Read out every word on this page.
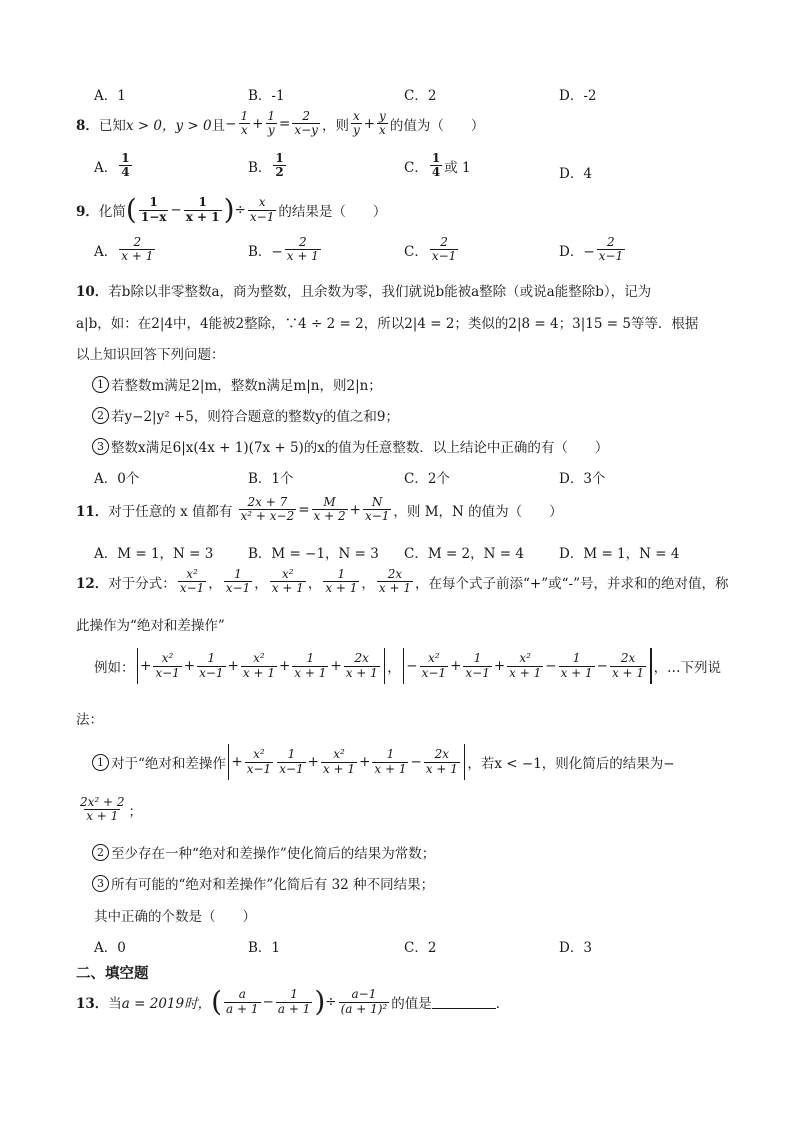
A．1	B．-1	C．2	D．-2
8． 已知 x > 0，y > 0 且 − $\frac{1}{x} + \frac{1}{y} = \frac{2}{x-y}$ ，则 $\frac{x}{y} + \frac{y}{x}$ 的值为（　　）
A． $\frac{1}{4}$	B． $\frac{1}{2}$	C． $\frac{1}{4}$ 或 1	D．4
9． 化简 ( $\frac{1}{1-x} - \frac{1}{x + 1}$ ) ÷ $\frac{x}{x-1}$ 的结果是（　　）
A． $\frac{2}{x + 1}$	B．− $\frac{2}{x + 1}$	C． $\frac{2}{x-1}$	D．− $\frac{2}{x-1}$
10．若b除以非零整数a，商为整数，且余数为零，我们就说b能被a整除（或说a能整除b），记为
a|b，如：在2|4中，4能被2整除，∵4 ÷ 2 = 2，所以2|4 = 2；类似的2|8 = 4；3|15 = 5等等．根据
以上知识回答下列问题：
1 若整数m满足2|m，整数n满足m|n，则2|n；
2 若y−2|y² +5，则符合题意的整数y的值之和9；
3 整数x满足6|x(4x + 1)(7x + 5)的x的值为任意整数．以上结论中正确的有（　　）
A．0个	B．1个	C．2个	D．3个
11． 对于任意的 x 值都有 $\frac{2x + 7}{\text{x² + x−2}} = \frac{M}{x + 2} + \frac{N}{x-1}$ ，则 M，N 的值为（　　）
A．M = 1，N = 3	B．M = −1，N = 3 C．M = 2，N = 4	D．M = 1，N = 4
12． 对于分式： $\frac{\text{x²}}{x-1}$ ， $\frac{1}{x-1}$ ， $\frac{\text{x²}}{x + 1}$ ， $\frac{1}{x + 1}$ ， $\frac{2x}{x + 1}$ ，在每个式子前添“+”或“-”号，并求和的绝对值，称
此操作为“绝对和差操作”
例如： + $\frac{\text{x²}}{x-1} + \frac{1}{x-1} + \frac{\text{x²}}{x + 1} + \frac{1}{x + 1} + \frac{2x}{x + 1}$ ， − $\frac{\text{x²}}{x-1} + \frac{1}{x-1} + \frac{\text{x²}}{x + 1} - \frac{1}{x + 1} - \frac{2x}{x + 1}$ ，…下列说
法：
1 对于“绝对和差操作 + $\frac{\text{x²}}{x-1} \frac{1}{x-1} + \frac{\text{x²}}{x + 1} + \frac{1}{x + 1} - \frac{2x}{x + 1}$ ，若x < −1，则化简后的结果为−
$\frac{\text{2x² + 2}}{x + 1}$ ；
2 至少存在一种“绝对和差操作”使化简后的结果为常数；
3 所有可能的“绝对和差操作”化简后有 32 种不同结果；
其中正确的个数是（　　）
A．0	B．1	C．2	D．3
二、填空题
13． 当 a = 2019时， ( $\frac{a}{a + 1} - \frac{1}{a + 1}$ ) ÷ $\frac{a-1}{\text{(a + 1)²}}$ 的值是	．
